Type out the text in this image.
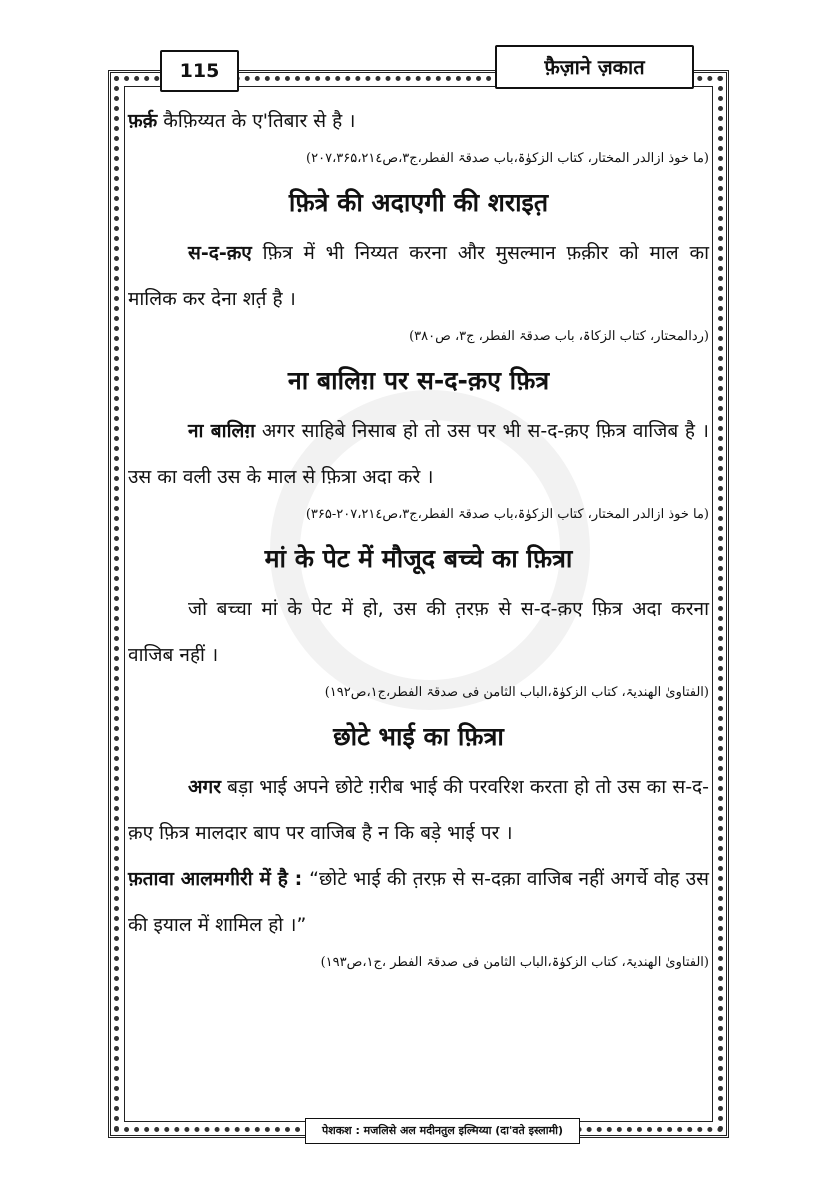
115	फ़ैज़ाने ज़कात

फ़र्क़ कैफ़िय्यत के ए'तिबार से है ।

(ما خوذ ازالدر المختار، کتاب الزکوٰۃ،باب صدقۃ الفطر،ج۳،ص۲۰۷،۳۶۵،۲۱٤)
फ़ित्रे की अदाएगी की शराइत़

स-द-क़ए फ़ित्र में भी निय्यत करना और मुसल्मान फ़क़ीर को माल का मालिक कर देना शर्त़ है ।

(ردالمحتار، کتاب الزکاۃ، باب صدقۃ الفطر، ج۳، ص۳۸۰)
ना बालिग़ पर स-द-क़ए फ़ित्र

ना बालिग़ अगर साहिबे निसाब हो तो उस पर भी स-द-क़ए फ़ित्र वाजिब है । उस का वली उस के माल से फ़ित्रा अदा करे ।

(ما خوذ ازالدر المختار، کتاب الزکوٰۃ،باب صدقۃ الفطر،ج۳،ص۲۰۷،۲۱٤-۳۶۵)
मां के पेट में मौजूद बच्चे का फ़ित्रा

जो बच्चा मां के पेट में हो, उस की त़रफ़ से स-द-क़ए फ़ित्र अदा करना वाजिब नहीं ।

(الفتاویٰ الھندیۃ، کتاب الزکوٰۃ،الباب الثامن فی صدقۃ الفطر،ج۱،ص۱۹۲)
छोटे भाई का फ़ित्रा

अगर बड़ा भाई अपने छोटे ग़रीब भाई की परवरिश करता हो तो उस का स-द-क़ए फ़ित्र मालदार बाप पर वाजिब है न कि बड़े भाई पर ।

फ़तावा आलमगीरी में है : “छोटे भाई की त़रफ़ से स-दक़ा वाजिब नहीं अगर्चे वोह उस की इयाल में शामिल हो ।”

(الفتاویٰ الھندیۃ، کتاب الزکوٰۃ،الباب الثامن فی صدقۃ الفطر ،ج۱،ص۱۹۳)
पेशकश : मजलिसे अल मदीनतुल इल्मिय्या (दा'वते इस्लामी)
